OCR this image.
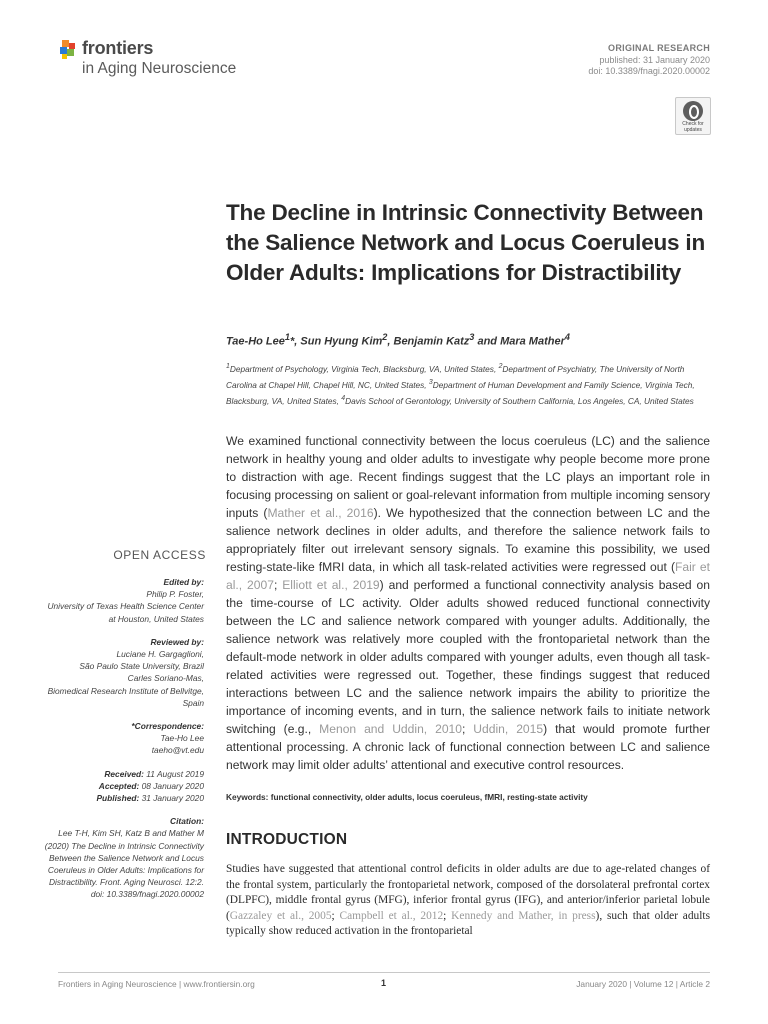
frontiers
in Aging Neuroscience
ORIGINAL RESEARCH
published: 31 January 2020
doi: 10.3389/fnagi.2020.00002
Check for updates
The Decline in Intrinsic Connectivity Between the Salience Network and Locus Coeruleus in Older Adults: Implications for Distractibility
Tae-Ho Lee$^1$*, Sun Hyung Kim$^2$, Benjamin Katz$^3$ and Mara Mather$^4$
$^1$Department of Psychology, Virginia Tech, Blacksburg, VA, United States, $^2$Department of Psychiatry, The University of North Carolina at Chapel Hill, Chapel Hill, NC, United States, $^3$Department of Human Development and Family Science, Virginia Tech, Blacksburg, VA, United States, $^4$Davis School of Gerontology, University of Southern California, Los Angeles, CA, United States
We examined functional connectivity between the locus coeruleus (LC) and the salience network in healthy young and older adults to investigate why people become more prone to distraction with age. Recent findings suggest that the LC plays an important role in focusing processing on salient or goal-relevant information from multiple incoming sensory inputs (Mather et al., 2016). We hypothesized that the connection between LC and the salience network declines in older adults, and therefore the salience network fails to appropriately filter out irrelevant sensory signals. To examine this possibility, we used resting-state-like fMRI data, in which all task-related activities were regressed out (Fair et al., 2007; Elliott et al., 2019) and performed a functional connectivity analysis based on the time-course of LC activity. Older adults showed reduced functional connectivity between the LC and salience network compared with younger adults. Additionally, the salience network was relatively more coupled with the frontoparietal network than the default-mode network in older adults compared with younger adults, even though all task-related activities were regressed out. Together, these findings suggest that reduced interactions between LC and the salience network impairs the ability to prioritize the importance of incoming events, and in turn, the salience network fails to initiate network switching (e.g., Menon and Uddin, 2010; Uddin, 2015) that would promote further attentional processing. A chronic lack of functional connection between LC and salience network may limit older adults’ attentional and executive control resources.
Keywords: functional connectivity, older adults, locus coeruleus, fMRI, resting-state activity
OPEN ACCESS
Edited by:
Philip P. Foster,
University of Texas Health Science Center at Houston, United States
Reviewed by:
Luciane H. Gargaglioni,
São Paulo State University, Brazil
Carles Soriano-Mas,
Biomedical Research Institute of Bellvitge, Spain
*Correspondence:
Tae-Ho Lee
taeho@vt.edu
Received: 11 August 2019
Accepted: 08 January 2020
Published: 31 January 2020
Citation:
Lee T-H, Kim SH, Katz B and Mather M (2020) The Decline in Intrinsic Connectivity Between the Salience Network and Locus Coeruleus in Older Adults: Implications for Distractibility. Front. Aging Neurosci. 12:2. doi: 10.3389/fnagi.2020.00002
INTRODUCTION
Studies have suggested that attentional control deficits in older adults are due to age-related changes of the frontal system, particularly the frontoparietal network, composed of the dorsolateral prefrontal cortex (DLPFC), middle frontal gyrus (MFG), inferior frontal gyrus (IFG), and anterior/inferior parietal lobule (Gazzaley et al., 2005; Campbell et al., 2012; Kennedy and Mather, in press), such that older adults typically show reduced activation in the frontoparietal
Frontiers in Aging Neuroscience | www.frontiersin.org	1	January 2020 | Volume 12 | Article 2
